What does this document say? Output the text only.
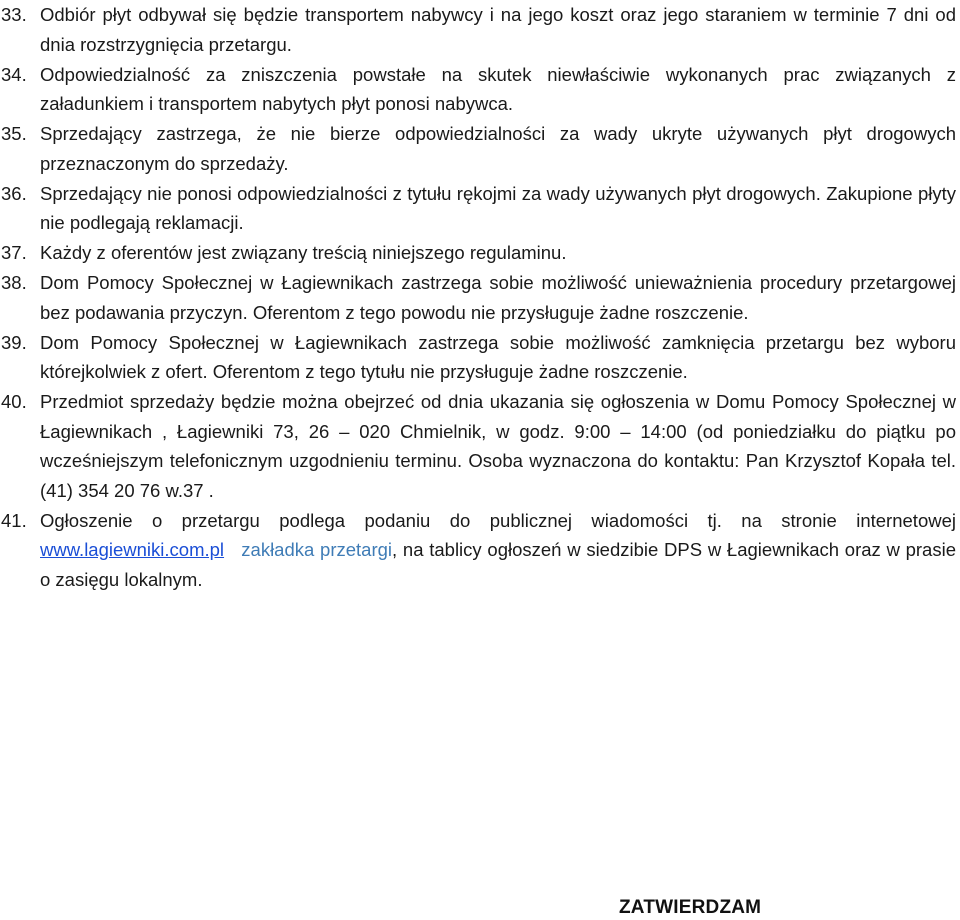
33. Odbiór płyt odbywał się będzie transportem nabywcy i na jego koszt oraz jego staraniem w terminie 7 dni od dnia rozstrzygnięcia przetargu.
34. Odpowiedzialność za zniszczenia powstałe na skutek niewłaściwie wykonanych prac związanych z załadunkiem i transportem nabytych płyt ponosi nabywca.
35. Sprzedający zastrzega, że nie bierze odpowiedzialności za wady ukryte używanych płyt drogowych przeznaczonym do sprzedaży.
36. Sprzedający nie ponosi odpowiedzialności z tytułu rękojmi za wady używanych płyt drogowych. Zakupione płyty nie podlegają reklamacji.
37. Każdy z oferentów jest związany treścią niniejszego regulaminu.
38. Dom Pomocy Społecznej w Łagiewnikach zastrzega sobie możliwość unieważnienia procedury przetargowej bez podawania przyczyn. Oferentom z tego powodu nie przysługuje żadne roszczenie.
39. Dom Pomocy Społecznej w Łagiewnikach zastrzega sobie możliwość zamknięcia przetargu bez wyboru którejkolwiek z ofert. Oferentom z tego tytułu nie przysługuje żadne roszczenie.
40. Przedmiot sprzedaży będzie można obejrzeć od dnia ukazania się ogłoszenia w Domu Pomocy Społecznej w Łagiewnikach , Łagiewniki 73, 26 – 020 Chmielnik, w godz. 9:00 – 14:00 (od poniedziałku do piątku po wcześniejszym telefonicznym uzgodnieniu terminu. Osoba wyznaczona do kontaktu: Pan Krzysztof Kopała tel. (41) 354 20 76 w.37 .
41. Ogłoszenie o przetargu podlega podaniu do publicznej wiadomości tj. na stronie internetowej www.lagiewniki.com.pl zakładka przetargi, na tablicy ogłoszeń w siedzibie DPS w Łagiewnikach oraz w prasie o zasięgu lokalnym.
ZATWIERDZAM
